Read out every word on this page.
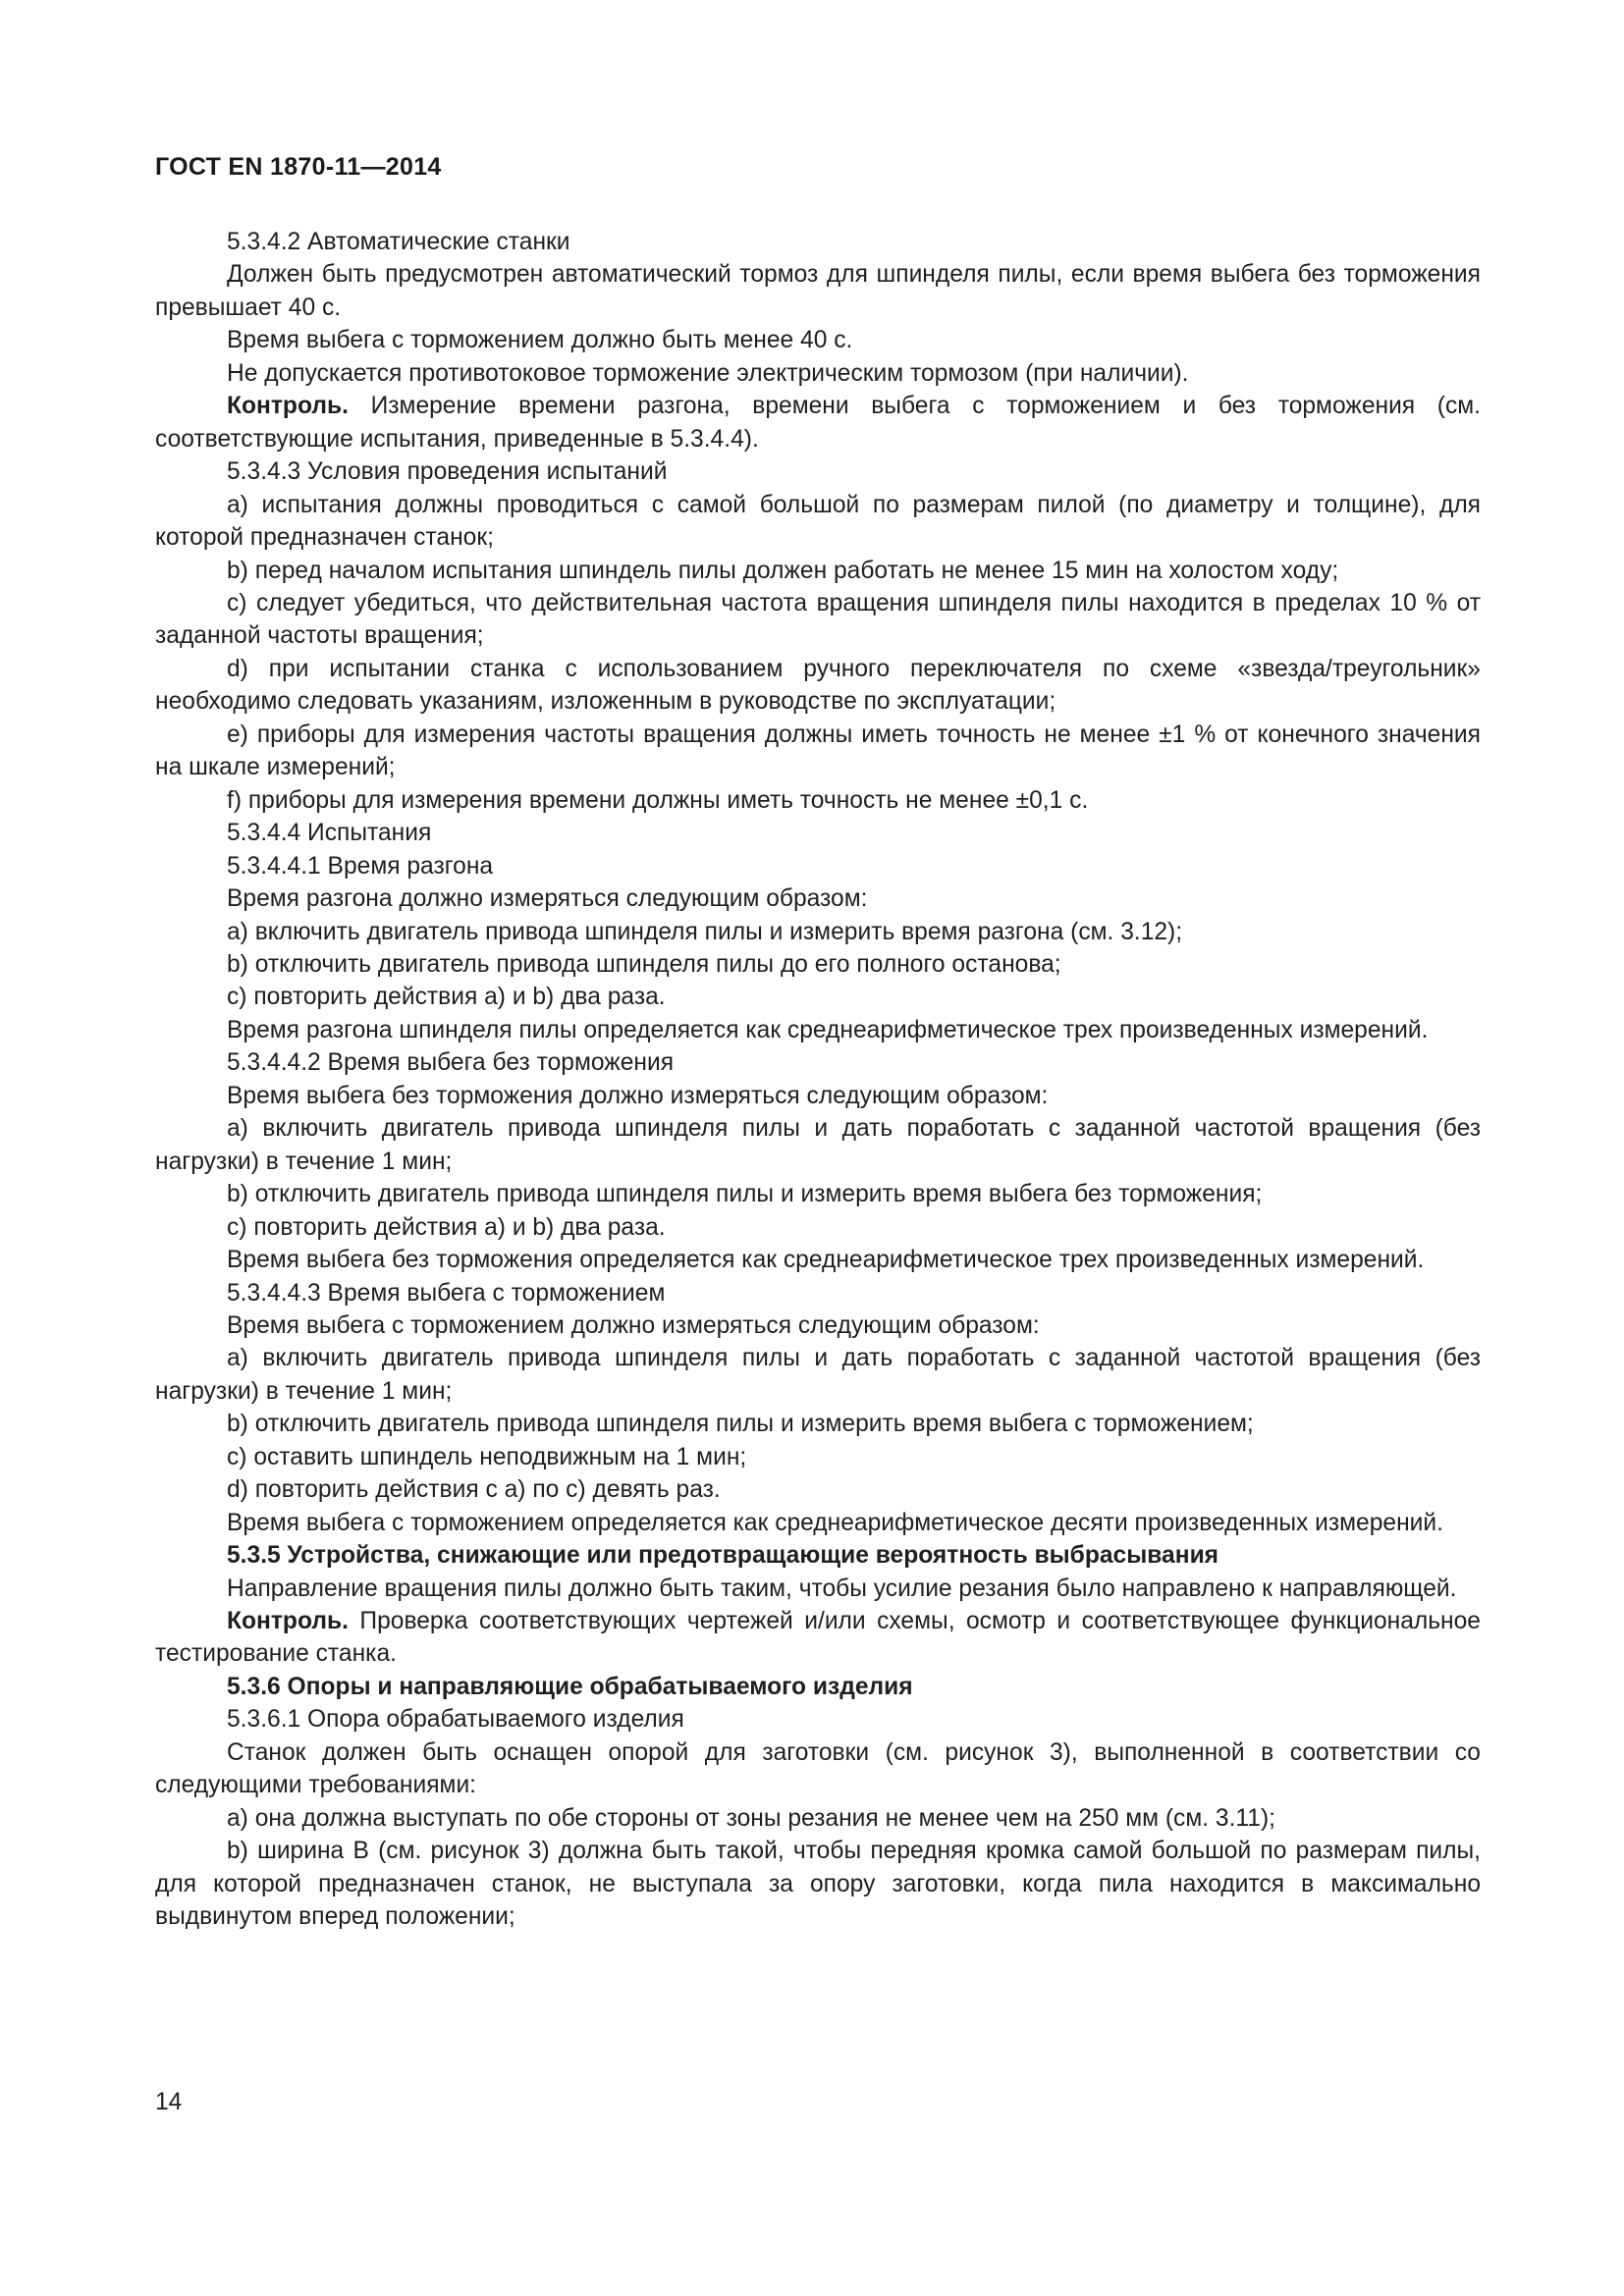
ГОСТ EN 1870-11—2014

5.3.4.2 Автоматические станки

Должен быть предусмотрен автоматический тормоз для шпинделя пилы, если время выбега без торможения превышает 40 с.

Время выбега с торможением должно быть менее 40 с.

Не допускается противотоковое торможение электрическим тормозом (при наличии).

Контроль. Измерение времени разгона, времени выбега с торможением и без торможения (см. соответствующие испытания, приведенные в 5.3.4.4).

5.3.4.3 Условия проведения испытаний

a) испытания должны проводиться с самой большой по размерам пилой (по диаметру и толщине), для которой предназначен станок;

b) перед началом испытания шпиндель пилы должен работать не менее 15 мин на холостом ходу;

c) следует убедиться, что действительная частота вращения шпинделя пилы находится в пределах 10 % от заданной частоты вращения;

d) при испытании станка с использованием ручного переключателя по схеме «звезда/треугольник» необходимо следовать указаниям, изложенным в руководстве по эксплуатации;

e) приборы для измерения частоты вращения должны иметь точность не менее ±1 % от конечного значения на шкале измерений;

f) приборы для измерения времени должны иметь точность не менее ±0,1 с.

5.3.4.4 Испытания

5.3.4.4.1 Время разгона

Время разгона должно измеряться следующим образом:

a) включить двигатель привода шпинделя пилы и измерить время разгона (см. 3.12);

b) отключить двигатель привода шпинделя пилы до его полного останова;

c) повторить действия a) и b) два раза.

Время разгона шпинделя пилы определяется как среднеарифметическое трех произведенных измерений.

5.3.4.4.2 Время выбега без торможения

Время выбега без торможения должно измеряться следующим образом:

a) включить двигатель привода шпинделя пилы и дать поработать с заданной частотой вращения (без нагрузки) в течение 1 мин;

b) отключить двигатель привода шпинделя пилы и измерить время выбега без торможения;

c) повторить действия a) и b) два раза.

Время выбега без торможения определяется как среднеарифметическое трех произведенных измерений.

5.3.4.4.3 Время выбега с торможением

Время выбега с торможением должно измеряться следующим образом:

a) включить двигатель привода шпинделя пилы и дать поработать с заданной частотой вращения (без нагрузки) в течение 1 мин;

b) отключить двигатель привода шпинделя пилы и измерить время выбега с торможением;

c) оставить шпиндель неподвижным на 1 мин;

d) повторить действия с a) по c) девять раз.

Время выбега с торможением определяется как среднеарифметическое десяти произведенных измерений.

5.3.5 Устройства, снижающие или предотвращающие вероятность выбрасывания

Направление вращения пилы должно быть таким, чтобы усилие резания было направлено к направляющей.

Контроль. Проверка соответствующих чертежей и/или схемы, осмотр и соответствующее функциональное тестирование станка.

5.3.6 Опоры и направляющие обрабатываемого изделия

5.3.6.1 Опора обрабатываемого изделия

Станок должен быть оснащен опорой для заготовки (см. рисунок 3), выполненной в соответствии со следующими требованиями:

a) она должна выступать по обе стороны от зоны резания не менее чем на 250 мм (см. 3.11);

b) ширина B (см. рисунок 3) должна быть такой, чтобы передняя кромка самой большой по размерам пилы, для которой предназначен станок, не выступала за опору заготовки, когда пила находится в максимально выдвинутом вперед положении;

14
